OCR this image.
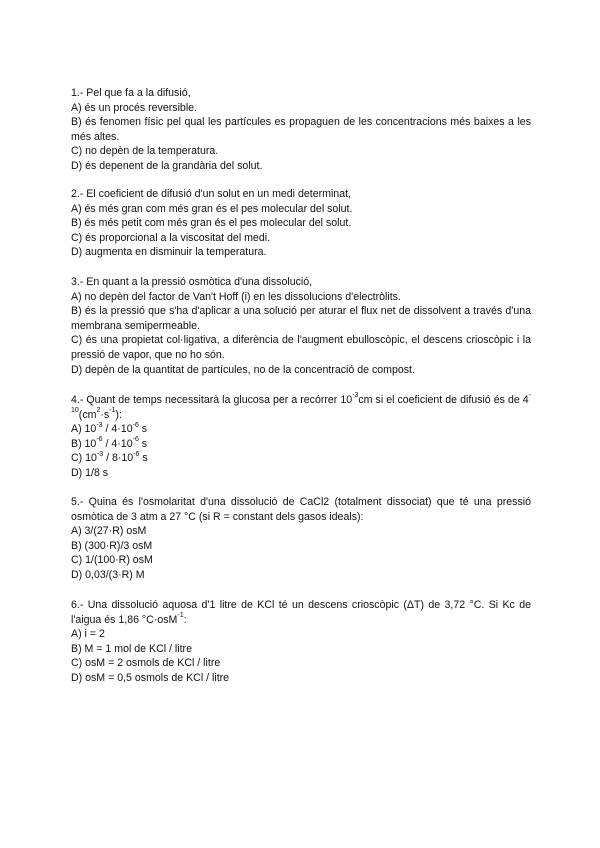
1.- Pel que fa a la difusió,

A) és un procés reversible.

B) és fenomen físic pel qual les partícules es propaguen de les concentracions més baixes a les més altes.

C) no depèn de la temperatura.

D) és depenent de la grandària del solut.

2.- El coeficient de difusió d'un solut en un medi determinat,

A) és més gran com més gran és el pes molecular del solut.

B) és més petit com més gran és el pes molecular del solut.

C) és proporcional a la viscositat del medi.

D) augmenta en disminuir la temperatura.

3.- En quant a la pressió osmòtica d'una dissolució,

A) no depèn del factor de Van't Hoff (i) en les dissolucions d'electròlits.

B) és la pressió que s'ha d'aplicar a una solució per aturar el flux net de dissolvent a través d'una membrana semipermeable.

C) és una propietat col·ligativa, a diferència de l'augment ebulloscòpic, el descens crioscòpic i la pressió de vapor, que no ho són.

D) depèn de la quantitat de partícules, no de la concentració de compost.

4.- Quant de temps necessitarà la glucosa per a recórrer $10^{-3}cm$ si el coeficient de difusió és de $4^{-10}(cm^2\cdot s^{-1})$:

A) $10^{-3} / 4\cdot 10^{-6}$ s

B) $10^{-6} / 4\cdot 10^{-6}$ s

C) $10^{-3} / 8\cdot 10^{-6}$ s

D) 1/8 s

5.- Quina és l'osmolaritat d'una dissolució de CaCl2 (totalment dissociat) que té una pressió osmòtica de 3 atm a 27 °C (si R = constant dels gasos ideals):

A) 3/(27·R) osM

B) (300·R)/3 osM

C) 1/(100·R) osM

D) 0,03/(3·R) M

6.- Una dissolució aquosa d'1 litre de KCl té un descens crioscòpic (ΔT) de 3,72 °C. Si Kc de l'aigua és 1,86 °C·osM$^{-1}$:

A) i = 2

B) M = 1 mol de KCl / litre

C) osM = 2 osmols de KCl / litre

D) osM = 0,5 osmols de KCl / litre
